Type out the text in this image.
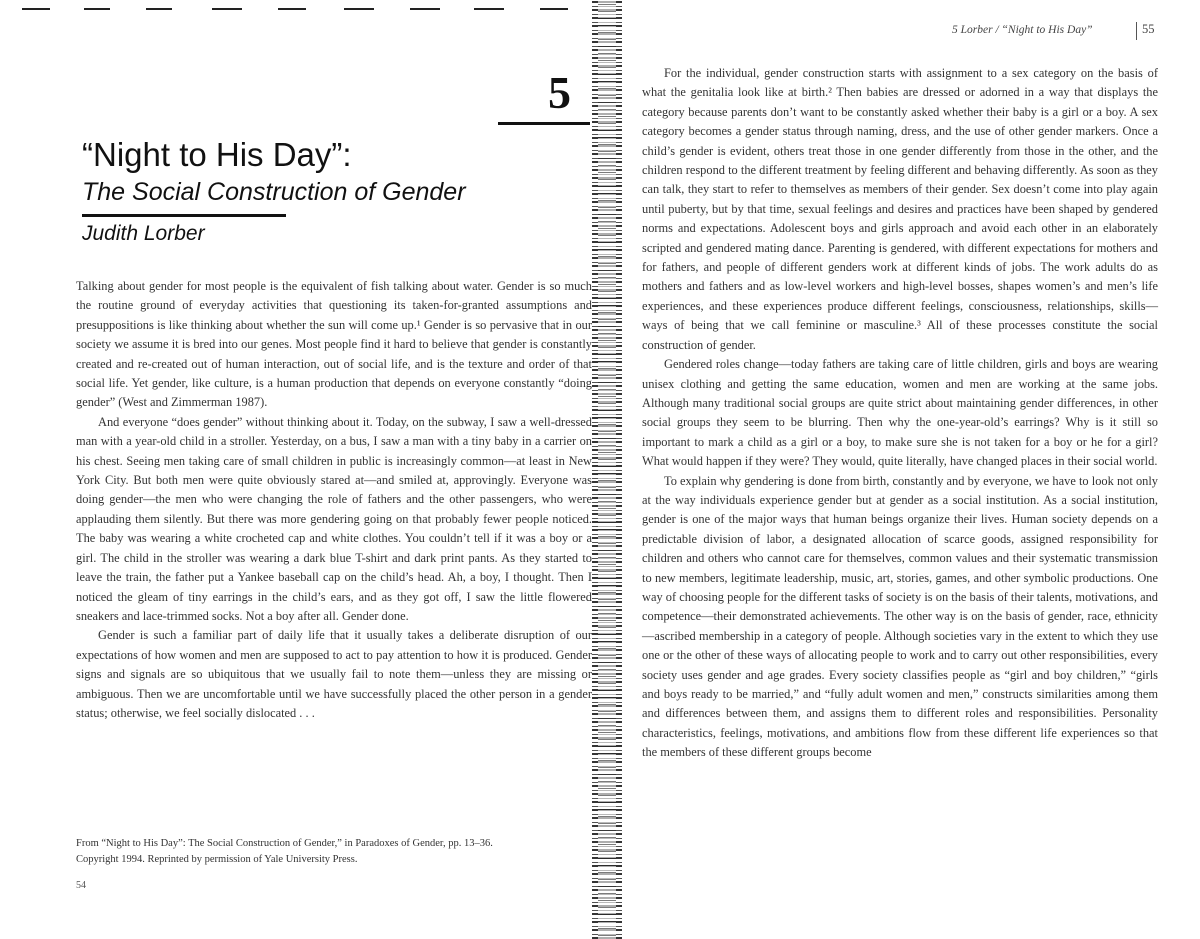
5
“Night to His Day”:
The Social Construction of Gender
Judith Lorber

Talking about gender for most people is the equivalent of fish talking about water. Gender is so much the routine ground of everyday activities that questioning its taken-for-granted assumptions and presuppositions is like thinking about whether the sun will come up.¹ Gender is so pervasive that in our society we assume it is bred into our genes. Most people find it hard to believe that gender is constantly created and re-created out of human interaction, out of social life, and is the texture and order of that social life. Yet gender, like culture, is a human production that depends on everyone constantly “doing gender” (West and Zimmerman 1987).

And everyone “does gender” without thinking about it. Today, on the subway, I saw a well-dressed man with a year-old child in a stroller. Yesterday, on a bus, I saw a man with a tiny baby in a carrier on his chest. Seeing men taking care of small children in public is increasingly common—at least in New York City. But both men were quite obviously stared at—and smiled at, approvingly. Everyone was doing gender—the men who were changing the role of fathers and the other passengers, who were applauding them silently. But there was more gendering going on that probably fewer people noticed. The baby was wearing a white crocheted cap and white clothes. You couldn’t tell if it was a boy or a girl. The child in the stroller was wearing a dark blue T-shirt and dark print pants. As they started to leave the train, the father put a Yankee baseball cap on the child’s head. Ah, a boy, I thought. Then I noticed the gleam of tiny earrings in the child’s ears, and as they got off, I saw the little flowered sneakers and lace-trimmed socks. Not a boy after all. Gender done.

Gender is such a familiar part of daily life that it usually takes a deliberate disruption of our expectations of how women and men are supposed to act to pay attention to how it is produced. Gender signs and signals are so ubiquitous that we usually fail to note them—unless they are missing or ambiguous. Then we are uncomfortable until we have successfully placed the other person in a gender status; otherwise, we feel socially dislocated . . .

From “Night to His Day”: The Social Construction of Gender,” in Paradoxes of Gender, pp. 13–36.

Copyright 1994. Reprinted by permission of Yale University Press.

54
5 Lorber / “Night to His Day”	55

For the individual, gender construction starts with assignment to a sex category on the basis of what the genitalia look like at birth.² Then babies are dressed or adorned in a way that displays the category because parents don’t want to be constantly asked whether their baby is a girl or a boy. A sex category becomes a gender status through naming, dress, and the use of other gender markers. Once a child’s gender is evident, others treat those in one gender differently from those in the other, and the children respond to the different treatment by feeling different and behaving differently. As soon as they can talk, they start to refer to themselves as members of their gender. Sex doesn’t come into play again until puberty, but by that time, sexual feelings and desires and practices have been shaped by gendered norms and expectations. Adolescent boys and girls approach and avoid each other in an elaborately scripted and gendered mating dance. Parenting is gendered, with different expectations for mothers and for fathers, and people of different genders work at different kinds of jobs. The work adults do as mothers and fathers and as low-level workers and high-level bosses, shapes women’s and men’s life experiences, and these experiences produce different feelings, consciousness, relationships, skills—ways of being that we call feminine or masculine.³ All of these processes constitute the social construction of gender.

Gendered roles change—today fathers are taking care of little children, girls and boys are wearing unisex clothing and getting the same education, women and men are working at the same jobs. Although many traditional social groups are quite strict about maintaining gender differences, in other social groups they seem to be blurring. Then why the one-year-old’s earrings? Why is it still so important to mark a child as a girl or a boy, to make sure she is not taken for a boy or he for a girl? What would happen if they were? They would, quite literally, have changed places in their social world.

To explain why gendering is done from birth, constantly and by everyone, we have to look not only at the way individuals experience gender but at gender as a social institution. As a social institution, gender is one of the major ways that human beings organize their lives. Human society depends on a predictable division of labor, a designated allocation of scarce goods, assigned responsibility for children and others who cannot care for themselves, common values and their systematic transmission to new members, legitimate leadership, music, art, stories, games, and other symbolic productions. One way of choosing people for the different tasks of society is on the basis of their talents, motivations, and competence—their demonstrated achievements. The other way is on the basis of gender, race, ethnicity—ascribed membership in a category of people. Although societies vary in the extent to which they use one or the other of these ways of allocating people to work and to carry out other responsibilities, every society uses gender and age grades. Every society classifies people as “girl and boy children,” “girls and boys ready to be married,” and “fully adult women and men,” constructs similarities among them and differences between them, and assigns them to different roles and responsibilities. Personality characteristics, feelings, motivations, and ambitions flow from these different life experiences so that the members of these different groups become
